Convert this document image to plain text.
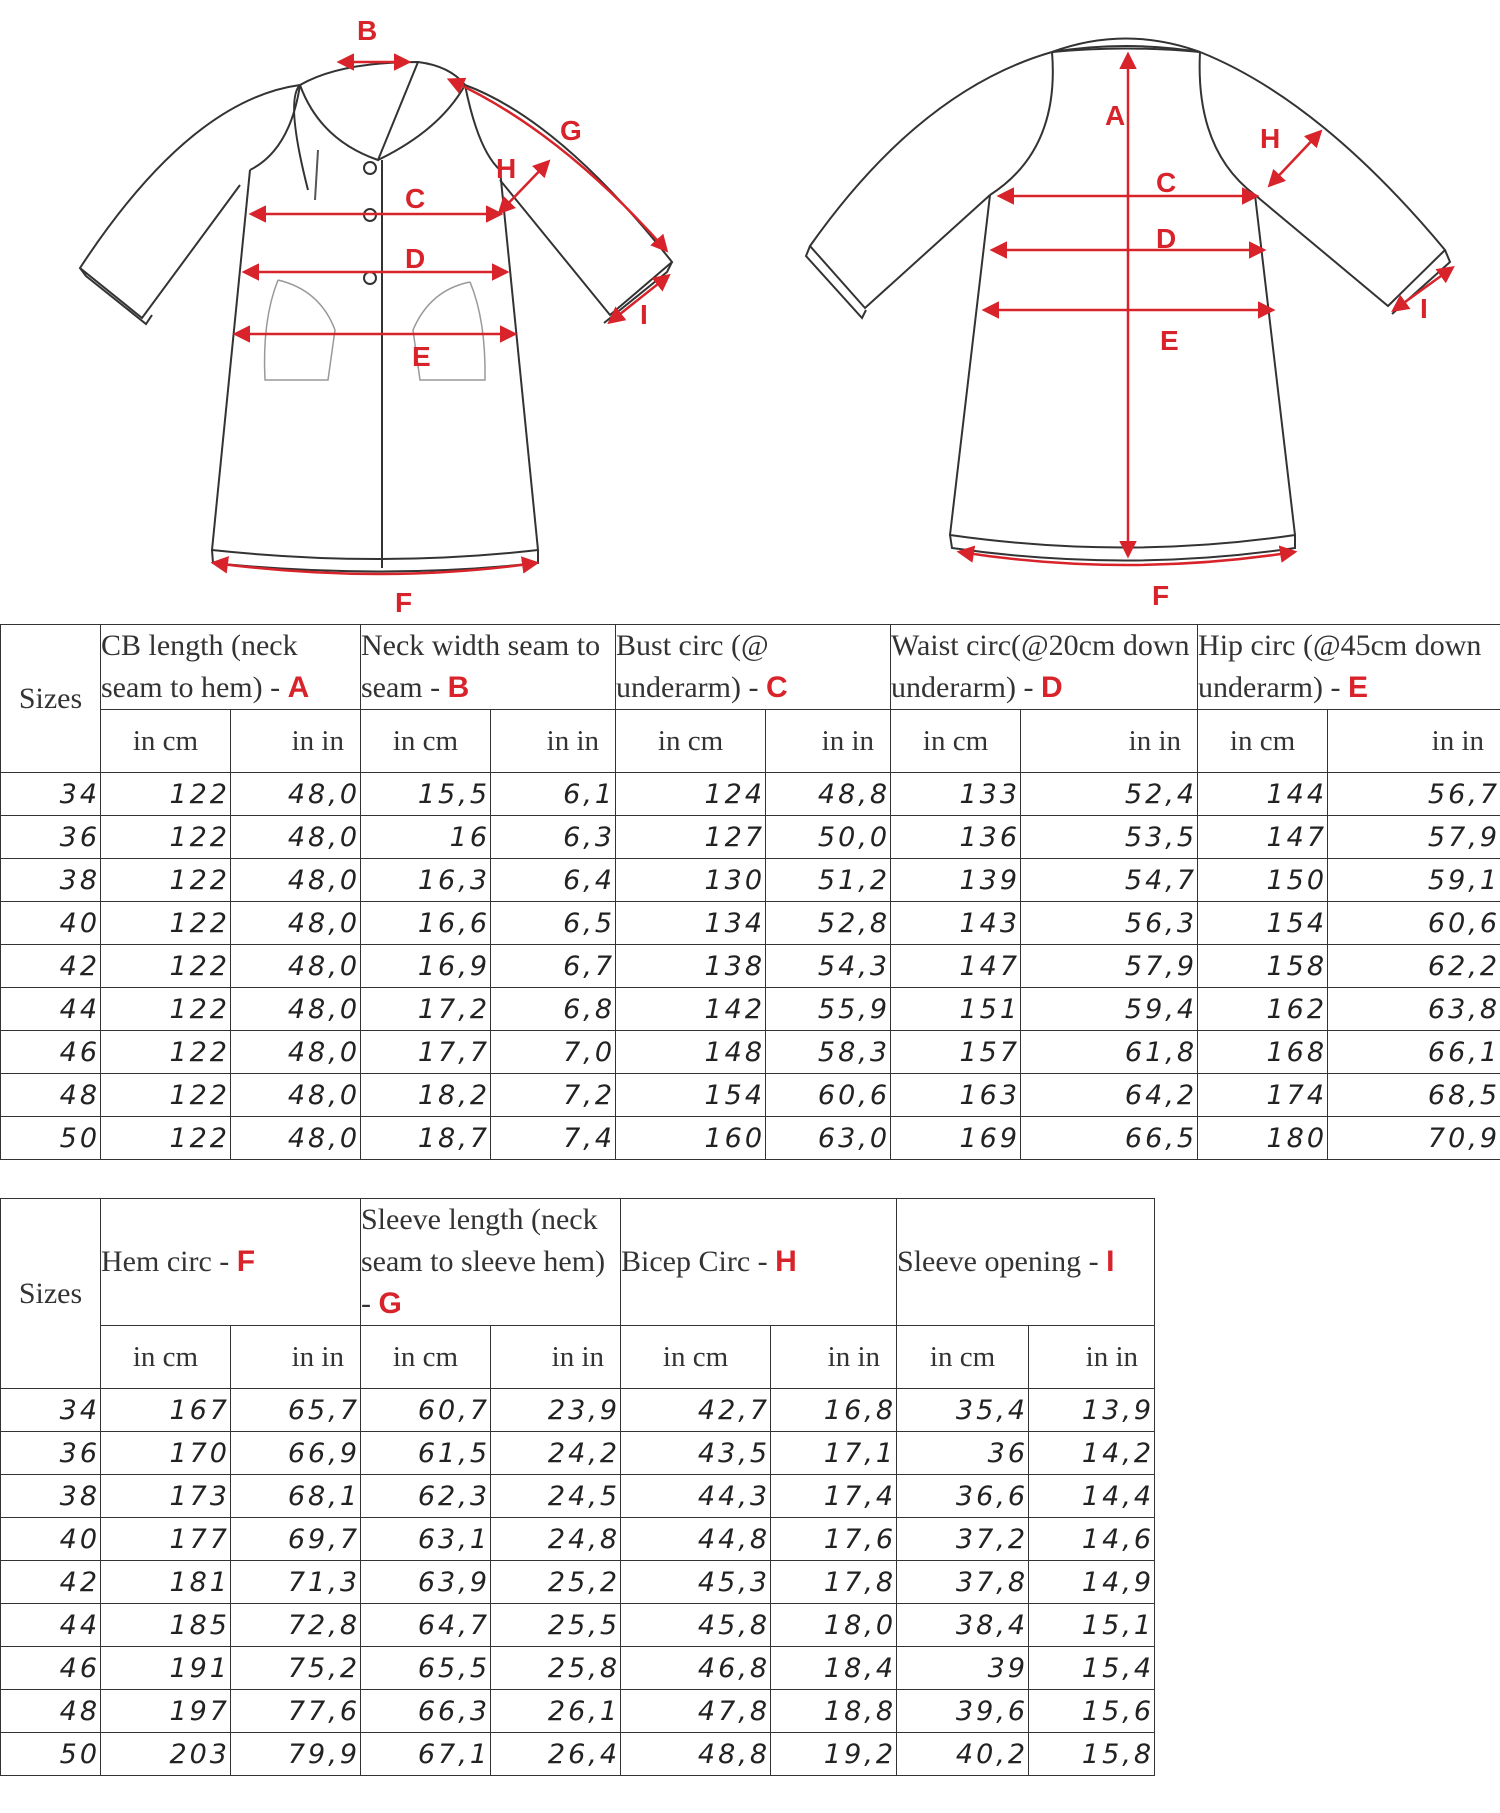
B
G
H
C
D
E
F
I
A
H
C
D
E
F
I
Sizes	CB length (neck seam to hem) - A		Neck width seam to seam - B		Bust circ (@ underarm) - C		Waist circ(@20cm down underarm) - D		Hip circ (@45cm down underarm) - E	
	in cm	in in	in cm	in in	in cm	in in	in cm	in in	in cm	in in
34	122	48,0	15,5	6,1	124	48,8	133	52,4	144	56,7
36	122	48,0	16	6,3	127	50,0	136	53,5	147	57,9
38	122	48,0	16,3	6,4	130	51,2	139	54,7	150	59,1
40	122	48,0	16,6	6,5	134	52,8	143	56,3	154	60,6
42	122	48,0	16,9	6,7	138	54,3	147	57,9	158	62,2
44	122	48,0	17,2	6,8	142	55,9	151	59,4	162	63,8
46	122	48,0	17,7	7,0	148	58,3	157	61,8	168	66,1
48	122	48,0	18,2	7,2	154	60,6	163	64,2	174	68,5
50	122	48,0	18,7	7,4	160	63,0	169	66,5	180	70,9
Sizes	Hem circ - F		Sleeve length (neck seam to sleeve hem) - G		Bicep Circ - H		Sleeve opening - I	
	in cm	in in	in cm	in in	in cm	in in	in cm	in in
34	167	65,7	60,7	23,9	42,7	16,8	35,4	13,9
36	170	66,9	61,5	24,2	43,5	17,1	36	14,2
38	173	68,1	62,3	24,5	44,3	17,4	36,6	14,4
40	177	69,7	63,1	24,8	44,8	17,6	37,2	14,6
42	181	71,3	63,9	25,2	45,3	17,8	37,8	14,9
44	185	72,8	64,7	25,5	45,8	18,0	38,4	15,1
46	191	75,2	65,5	25,8	46,8	18,4	39	15,4
48	197	77,6	66,3	26,1	47,8	18,8	39,6	15,6
50	203	79,9	67,1	26,4	48,8	19,2	40,2	15,8
